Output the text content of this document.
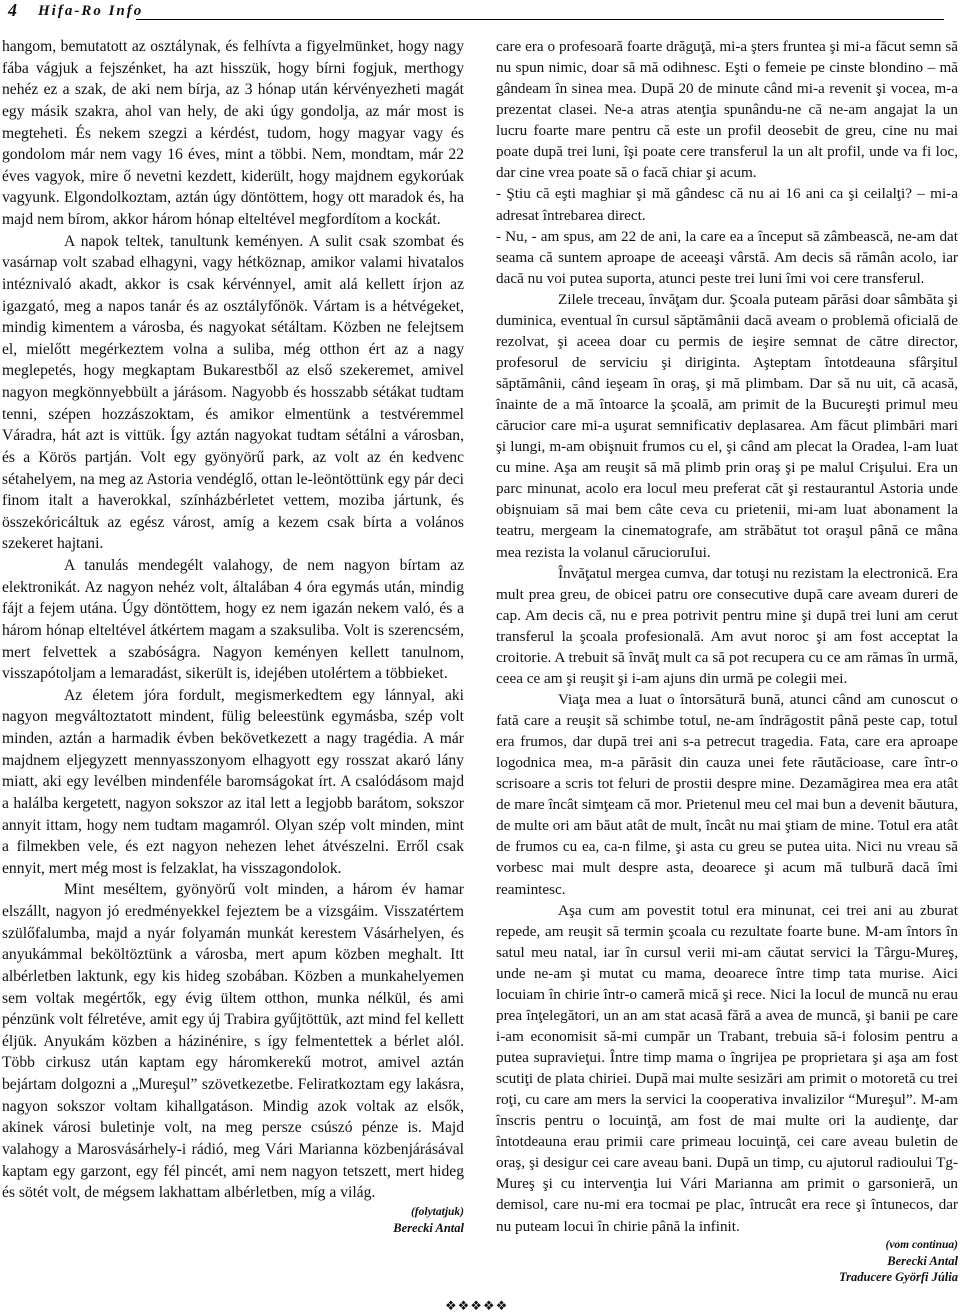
4 Hifa-Ro Info

hangom, bemutatott az osztálynak, és felhívta a figyelmünket, hogy nagy fába vágjuk a fejszénket, ha azt hisszük, hogy bírni fogjuk, merthogy nehéz ez a szak, de aki nem bírja, az 3 hónap után kérvényezheti magát egy másik szakra, ahol van hely, de aki úgy gondolja, az már most is megteheti. És nekem szegzi a kérdést, tudom, hogy magyar vagy és gondolom már nem vagy 16 éves, mint a többi. Nem, mondtam, már 22 éves vagyok, mire ő nevetni kezdett, kiderült, hogy majdnem egykorúak vagyunk. Elgondolkoztam, aztán úgy döntöttem, hogy ott maradok és, ha majd nem bírom, akkor három hónap elteltével megfordítom a kockát.

A napok teltek, tanultunk keményen. A sulit csak szombat és vasárnap volt szabad elhagyni, vagy hétköznap, amikor valami hivatalos intéznivaló akadt, akkor is csak kérvénnyel, amit alá kellett írjon az igazgató, meg a napos tanár és az osztályfőnök. Vártam is a hétvégeket, mindig kimentem a városba, és nagyokat sétáltam. Közben ne felejtsem el, mielőtt megérkeztem volna a suliba, még otthon ért az a nagy meglepetés, hogy megkaptam Bukarestből az első szekeremet, amivel nagyon megkönnyebbült a járásom. Nagyobb és hosszabb sétákat tudtam tenni, szépen hozzászoktam, és amikor elmentünk a testvéremmel Váradra, hát azt is vittük. Így aztán nagyokat tudtam sétálni a városban, és a Körös partján. Volt egy gyönyörű park, az volt az én kedvenc sétahelyem, na meg az Astoria vendéglő, ottan le-leöntöttünk egy pár deci finom italt a haverokkal, színházbérletet vettem, moziba jártunk, és összekóricáltuk az egész várost, amíg a kezem csak bírta a volános szekeret hajtani.

A tanulás mendegélt valahogy, de nem nagyon bírtam az elektronikát. Az nagyon nehéz volt, általában 4 óra egymás után, mindig fájt a fejem utána. Úgy döntöttem, hogy ez nem igazán nekem való, és a három hónap elteltével átkértem magam a szaksuliba. Volt is szerencsém, mert felvettek a szabóságra. Nagyon keményen kellett tanulnom, visszapótoljam a lemaradást, sikerült is, idejében utolértem a többieket.

Az életem jóra fordult, megismerkedtem egy lánnyal, aki nagyon megváltoztatott mindent, fülig beleestünk egymásba, szép volt minden, aztán a harmadik évben bekövetkezett a nagy tragédia. A már majdnem eljegyzett mennyasszonyom elhagyott egy rosszat akaró lány miatt, aki egy levélben mindenféle baromságokat írt. A csalódásom majd a halálba kergetett, nagyon sokszor az ital lett a legjobb barátom, sokszor annyit ittam, hogy nem tudtam magamról. Olyan szép volt minden, mint a filmekben vele, és ezt nagyon nehezen lehet átvészelni. Erről csak ennyit, mert még most is felzaklat, ha visszagondolok.

Mint meséltem, gyönyörű volt minden, a három év hamar elszállt, nagyon jó eredményekkel fejeztem be a vizsgáim. Visszatértem szülőfalumba, majd a nyár folyamán munkát kerestem Vásárhelyen, és anyukámmal beköltöztünk a városba, mert apum közben meghalt. Itt albérletben laktunk, egy kis hideg szobában. Közben a munkahelyemen sem voltak megértők, egy évig ültem otthon, munka nélkül, és ami pénzünk volt félretéve, amit egy új Trabira gyűjtöttük, azt mind fel kellett éljük. Anyukám közben a házinénire, s így felmentettek a bérlet alól. Több cirkusz után kaptam egy háromkerekű motrot, amivel aztán bejártam dolgozni a „Mureşul” szövetkezetbe. Feliratkoztam egy lakásra, nagyon sokszor voltam kihallgatáson. Mindig azok voltak az elsők, akinek városi buletinje volt, na meg persze csúszó pénze is. Majd valahogy a Marosvásárhely-i rádió, meg Vári Marianna közbenjárásával kaptam egy garzont, egy fél pincét, ami nem nagyon tetszett, mert hideg és sötét volt, de mégsem lakhattam albérletben, míg a világ.

(folytatjuk)
Berecki Antal

care era o profesoară foarte drăguţă, mi-a şters fruntea şi mi-a făcut semn să nu spun nimic, doar să mă odihnesc. Eşti o femeie pe cinste blondino – mă gândeam în sinea mea. După 20 de minute când mi-a revenit şi vocea, m-a prezentat clasei. Ne-a atras atenţia spunându-ne că ne-am angajat la un lucru foarte mare pentru că este un profil deosebit de greu, cine nu mai poate după trei luni, îşi poate cere transferul la un alt profil, unde va fi loc, dar cine vrea poate să o facă chiar şi acum.

- Ştiu că eşti maghiar şi mă gândesc că nu ai 16 ani ca şi ceilalţi? – mi-a adresat întrebarea direct.

- Nu, - am spus, am 22 de ani, la care ea a început să zâmbească, ne-am dat seama că suntem aproape de aceeaşi vârstă. Am decis să rămân acolo, iar dacă nu voi putea suporta, atunci peste trei luni îmi voi cere transferul.

Zilele treceau, învăţam dur. Şcoala puteam părăsi doar sâmbăta şi duminica, eventual în cursul săptămânii dacă aveam o problemă oficială de rezolvat, şi aceea doar cu permis de ieşire semnat de către director, profesorul de serviciu şi diriginta. Aşteptam întotdeauna sfârşitul săptămânii, când ieşeam în oraş, şi mă plimbam. Dar să nu uit, că acasă, înainte de a mă întoarce la şcoală, am primit de la Bucureşti primul meu cărucior care mi-a uşurat semnificativ deplasarea. Am făcut plimbări mari şi lungi, m-am obişnuit frumos cu el, şi când am plecat la Oradea, l-am luat cu mine. Aşa am reuşit să mă plimb prin oraş şi pe malul Crişului. Era un parc minunat, acolo era locul meu preferat căt şi restaurantul Astoria unde obişnuiam să mai bem câte ceva cu prietenii, mi-am luat abonament la teatru, mergeam la cinematografe, am străbătut tot oraşul până ce mâna mea rezista la volanul cărucioruIui.

Învăţatul mergea cumva, dar totuşi nu rezistam la electronică. Era mult prea greu, de obicei patru ore consecutive după care aveam dureri de cap. Am decis că, nu e prea potrivit pentru mine şi după trei luni am cerut transferul la şcoala profesională. Am avut noroc şi am fost acceptat la croitorie. A trebuit să învăţ mult ca să pot recupera cu ce am rămas în urmă, ceea ce am şi reuşit şi i-am ajuns din urmă pe colegii mei.

Viaţa mea a luat o întorsătură bună, atunci când am cunoscut o fată care a reuşit să schimbe totul, ne-am îndrăgostit până peste cap, totul era frumos, dar după trei ani s-a petrecut tragedia. Fata, care era aproape logodnica mea, m-a părăsit din cauza unei fete răutăcioase, care într-o scrisoare a scris tot feluri de prostii despre mine. Dezamăgirea mea era atât de mare încât simţeam că mor. Prietenul meu cel mai bun a devenit băutura, de multe ori am băut atât de mult, încât nu mai ştiam de mine. Totul era atât de frumos cu ea, ca-n filme, şi asta cu greu se putea uita. Nici nu vreau să vorbesc mai mult despre asta, deoarece şi acum mă tulbură dacă îmi reamintesc.

Aşa cum am povestit totul era minunat, cei trei ani au zburat repede, am reuşit să termin şcoala cu rezultate foarte bune. M-am întors în satul meu natal, iar în cursul verii mi-am căutat servici la Târgu-Mureş, unde ne-am şi mutat cu mama, deoarece între timp tata murise. Aici locuiam în chirie într-o cameră mică şi rece. Nici la locul de muncă nu erau prea înţelegători, un an am stat acasă fără a avea de muncă, şi banii pe care i-am economisit să-mi cumpăr un Trabant, trebuia să-i folosim pentru a putea supravieţui. Între timp mama o îngrijea pe proprietara şi aşa am fost scutiţi de plata chiriei. După mai multe sesizări am primit o motoretă cu trei roţi, cu care am mers la servici la cooperativa invalizilor “Mureşul”. M-am înscris pentru o locuinţă, am fost de mai multe ori la audienţe, dar întotdeauna erau primii care primeau locuinţă, cei care aveau buletin de oraş, şi desigur cei care aveau bani. După un timp, cu ajutorul radioului Tg-Mureş şi cu intervenţia lui Vári Marianna am primit o garsonieră, un demisol, care nu-mi era tocmai pe plac, întrucât era rece şi întunecos, dar nu puteam locui în chirie până la infinit.

(vom continua)
Berecki Antal
Traducere Györfi Júlia
❖❖❖❖❖
